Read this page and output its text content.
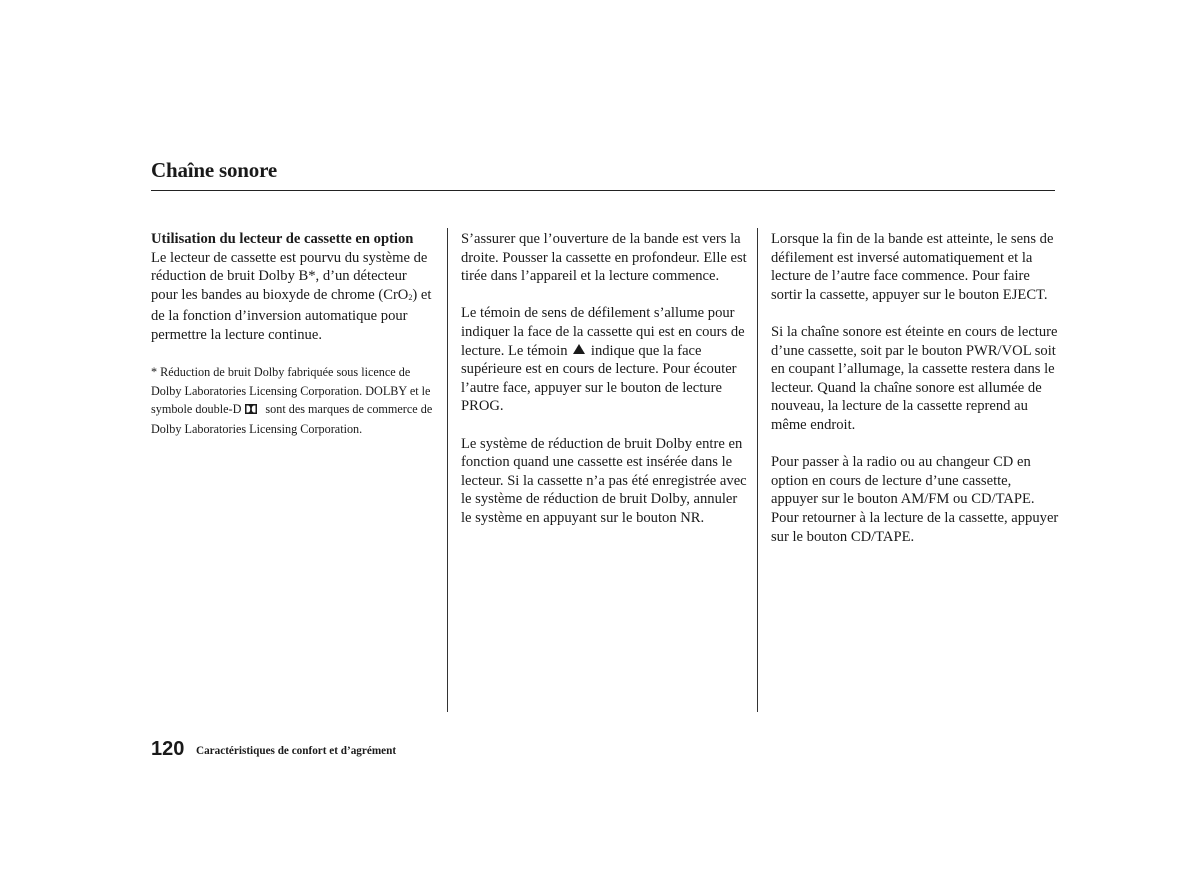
Chaîne sonore

Utilisation du lecteur de cassette en option

Le lecteur de cassette est pourvu du système de réduction de bruit Dolby B*, d’un détecteur pour les bandes au bioxyde de chrome (CrO2) et de la fonction d’inversion automatique pour permettre la lecture continue.

* Réduction de bruit Dolby fabriquée sous licence de Dolby Laboratories Licensing Corporation. DOLBY et le symbole double-D sont des marques de commerce de Dolby Laboratories Licensing Corporation.

S’assurer que l’ouverture de la bande est vers la droite. Pousser la cassette en profondeur. Elle est tirée dans l’appareil et la lecture commence.

Le témoin de sens de défilement s’allume pour indiquer la face de la cassette qui est en cours de lecture. Le témoin indique que la face supérieure est en cours de lecture. Pour écouter l’autre face, appuyer sur le bouton de lecture PROG.

Le système de réduction de bruit Dolby entre en fonction quand une cassette est insérée dans le lecteur. Si la cassette n’a pas été enregistrée avec le système de réduction de bruit Dolby, annuler le système en appuyant sur le bouton NR.

Lorsque la fin de la bande est atteinte, le sens de défilement est inversé automatiquement et la lecture de l’autre face commence. Pour faire sortir la cassette, appuyer sur le bouton EJECT.

Si la chaîne sonore est éteinte en cours de lecture d’une cassette, soit par le bouton PWR/VOL soit en coupant l’allumage, la cassette restera dans le lecteur. Quand la chaîne sonore est allumée de nouveau, la lecture de la cassette reprend au même endroit.

Pour passer à la radio ou au changeur CD en option en cours de lecture d’une cassette, appuyer sur le bouton AM/FM ou CD/TAPE. Pour retourner à la lecture de la cassette, appuyer sur le bouton CD/TAPE.

120 Caractéristiques de confort et d’agrément
